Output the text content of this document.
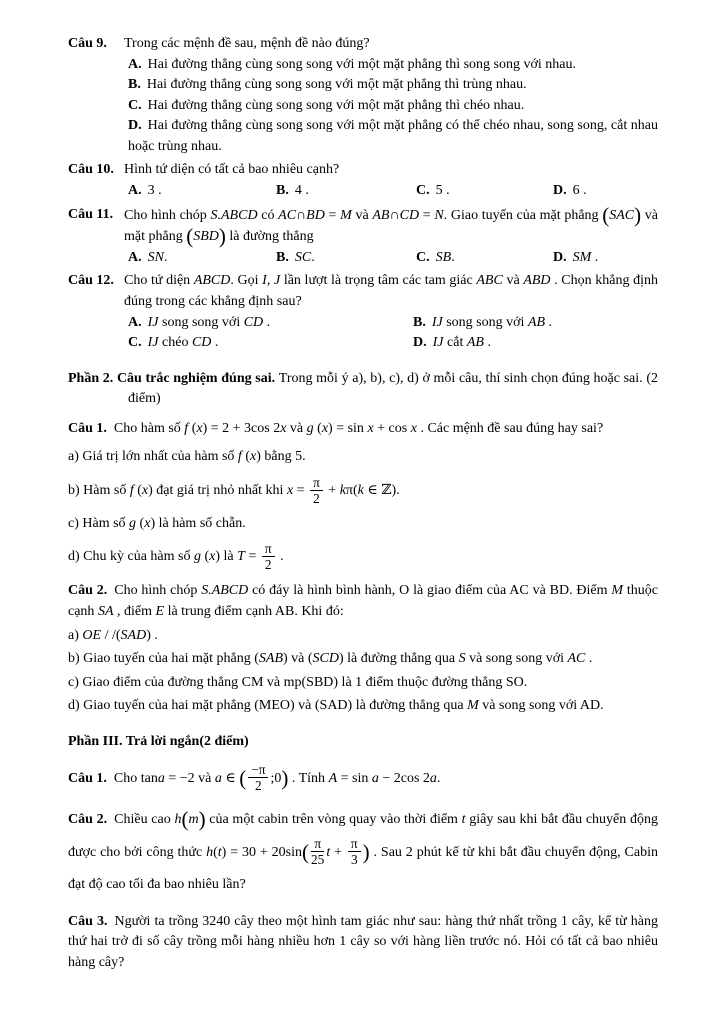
Câu 9.	Trong các mệnh đề sau, mệnh đề nào đúng?

A. Hai đường thẳng cùng song song với một mặt phẳng thì song song với nhau.

B. Hai đường thẳng cùng song song với một mặt phẳng thì trùng nhau.

C. Hai đường thẳng cùng song song với một mặt phẳng thì chéo nhau.

D. Hai đường thẳng cùng song song với một mặt phẳng có thể chéo nhau, song song, cắt nhau hoặc trùng nhau.

Câu 10. Hình tứ diện có tất cả bao nhiêu cạnh?

A. 3 .	B. 4 .	C. 5 .	D. 6 .

Câu 11. Cho hình chóp S.ABCD có AC∩BD = M và AB∩CD = N. Giao tuyến của mặt phẳng (SAC) và mặt phẳng (SBD) là đường thẳng

A. SN.	B. SC.	C. SB.	D. SM .

Câu 12. Cho tứ diện ABCD. Gọi I, J lần lượt là trọng tâm các tam giác ABC và ABD . Chọn khẳng định đúng trong các khẳng định sau?

A. IJ song song với CD .	B. IJ song song với AB .

C. IJ chéo CD .	D. IJ cắt AB .

Phần 2. Câu trắc nghiệm đúng sai. Trong mỗi ý a), b), c), d) ở mỗi câu, thí sinh chọn đúng hoặc sai. (2 điểm)

Câu 1. Cho hàm số f (x) = 2 + 3cos 2x và g (x) = sin x + cos x . Các mệnh đề sau đúng hay sai?

a) Giá trị lớn nhất của hàm số f (x) bằng 5.

b) Hàm số f (x) đạt giá trị nhỏ nhất khi $x = \frac{\pi}{2} + k\pi(k$ ∈ ℤ).

c) Hàm số g (x) là hàm số chẵn.

d) Chu kỳ của hàm số g (x) là $T = \frac{\pi}{2}$ .

Câu 2. Cho hình chóp S.ABCD có đáy là hình bình hành, O là giao điểm của AC và BD. Điểm M thuộc cạnh SA , điểm E là trung điểm cạnh AB. Khi đó:

a) OE / /(SAD) .

b) Giao tuyến của hai mặt phẳng (SAB) và (SCD) là đường thẳng qua S và song song với AC .

c) Giao điểm của đường thẳng CM và mp(SBD) là 1 điểm thuộc đường thẳng SO.

d) Giao tuyến của hai mặt phẳng (MEO) và (SAD) là đường thẳng qua M và song song với AD.

Phần III. Trả lời ngắn(2 điểm)

Câu 1. Cho tana = −2 và a ∈ ( $\frac{-\pi}{2}$ ;0) . Tính A = sin a − 2cos 2a.

Câu 2. Chiều cao h(m) của một cabin trên vòng quay vào thời điểm t giây sau khi bắt đầu chuyển động được cho bởi công thức $h(t) = 30 + 20\sin( \frac{\pi}{25}$ $t + \frac{\pi}{3}$ ) . Sau 2 phút kể từ khi bắt đầu chuyển động, Cabin đạt độ cao tối đa bao nhiêu lần?

Câu 3. Người ta trồng 3240 cây theo một hình tam giác như sau: hàng thứ nhất trồng 1 cây, kể từ hàng thứ hai trở đi số cây trồng mỗi hàng nhiều hơn 1 cây so với hàng liền trước nó. Hỏi có tất cả bao nhiêu hàng cây?
